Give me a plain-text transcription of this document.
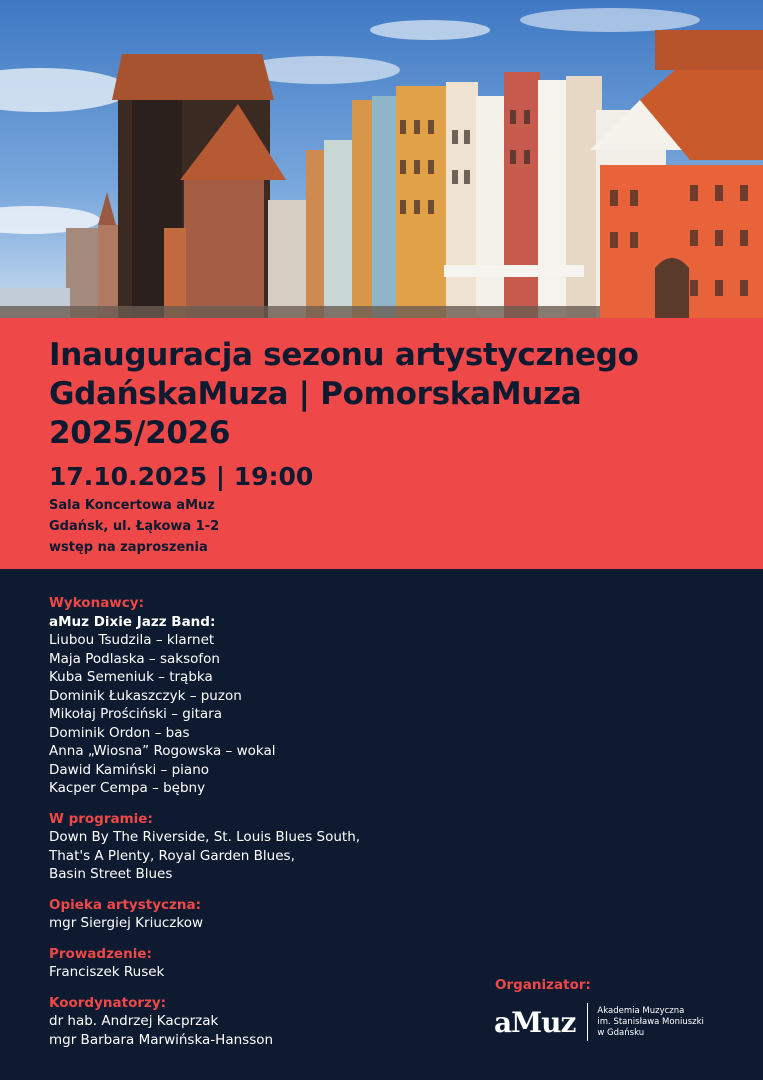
Inauguracja sezonu artystycznego
GdańskaMuza | PomorskaMuza
2025/2026
17.10.2025 | 19:00
Sala Koncertowa aMuz
Gdańsk, ul. Łąkowa 1-2
wstęp na zaproszenia
Wykonawcy:
aMuz Dixie Jazz Band:
Liubou Tsudzila – klarnet
Maja Podlaska – saksofon
Kuba Semeniuk – trąbka
Dominik Łukaszczyk – puzon
Mikołaj Prościński – gitara
Dominik Ordon – bas
Anna „Wiosna” Rogowska – wokal
Dawid Kamiński – piano
Kacper Cempa – bębny
W programie:
Down By The Riverside, St. Louis Blues South,
That's A Plenty, Royal Garden Blues,
Basin Street Blues
Opieka artystyczna:
mgr Siergiej Kriuczkow
Prowadzenie:
Franciszek Rusek
Koordynatorzy:
dr hab. Andrzej Kacprzak
mgr Barbara Marwińska-Hansson
Organizator:
aMuz	Akademia Muzyczna
im. Stanisława Moniuszki
w Gdańsku
